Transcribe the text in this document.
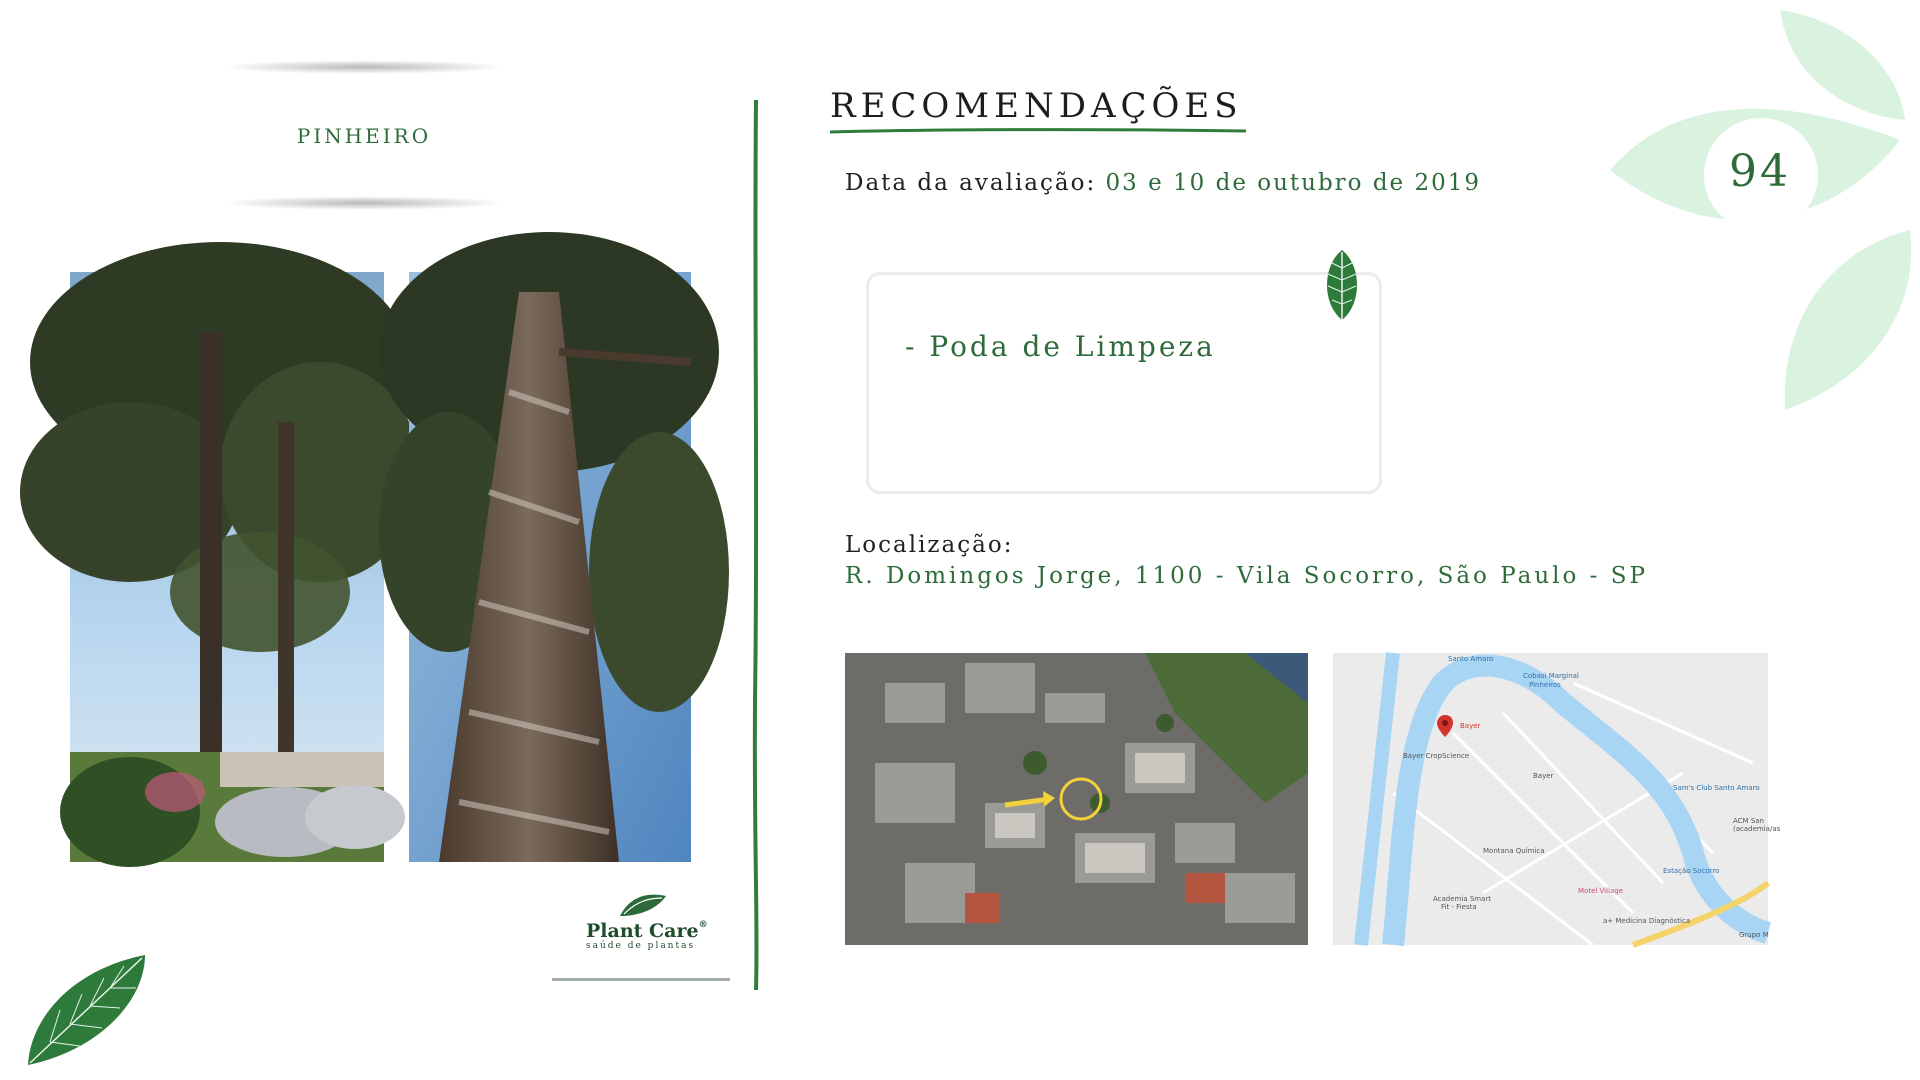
94
PINHEIRO
RECOMENDAÇÕES
Data da avaliação: 03 e 10 de outubro de 2019
- Poda de Limpeza
Localização:
R. Domingos Jorge, 1100 - Vila Socorro, São Paulo - SP
Santo Amaro
Cobasi Marginal
Pinheiros
Sam's Club Santo Amaro
Estação Socorro
Bayer CropScience
Bayer
ACM San
(academia/as
Montana Química
Academia Smart
Fit - Fiesta
a+ Medicina Diagnóstica
Grupo M
Motel Village
Bayer
Plant Care®
saúde de plantas
